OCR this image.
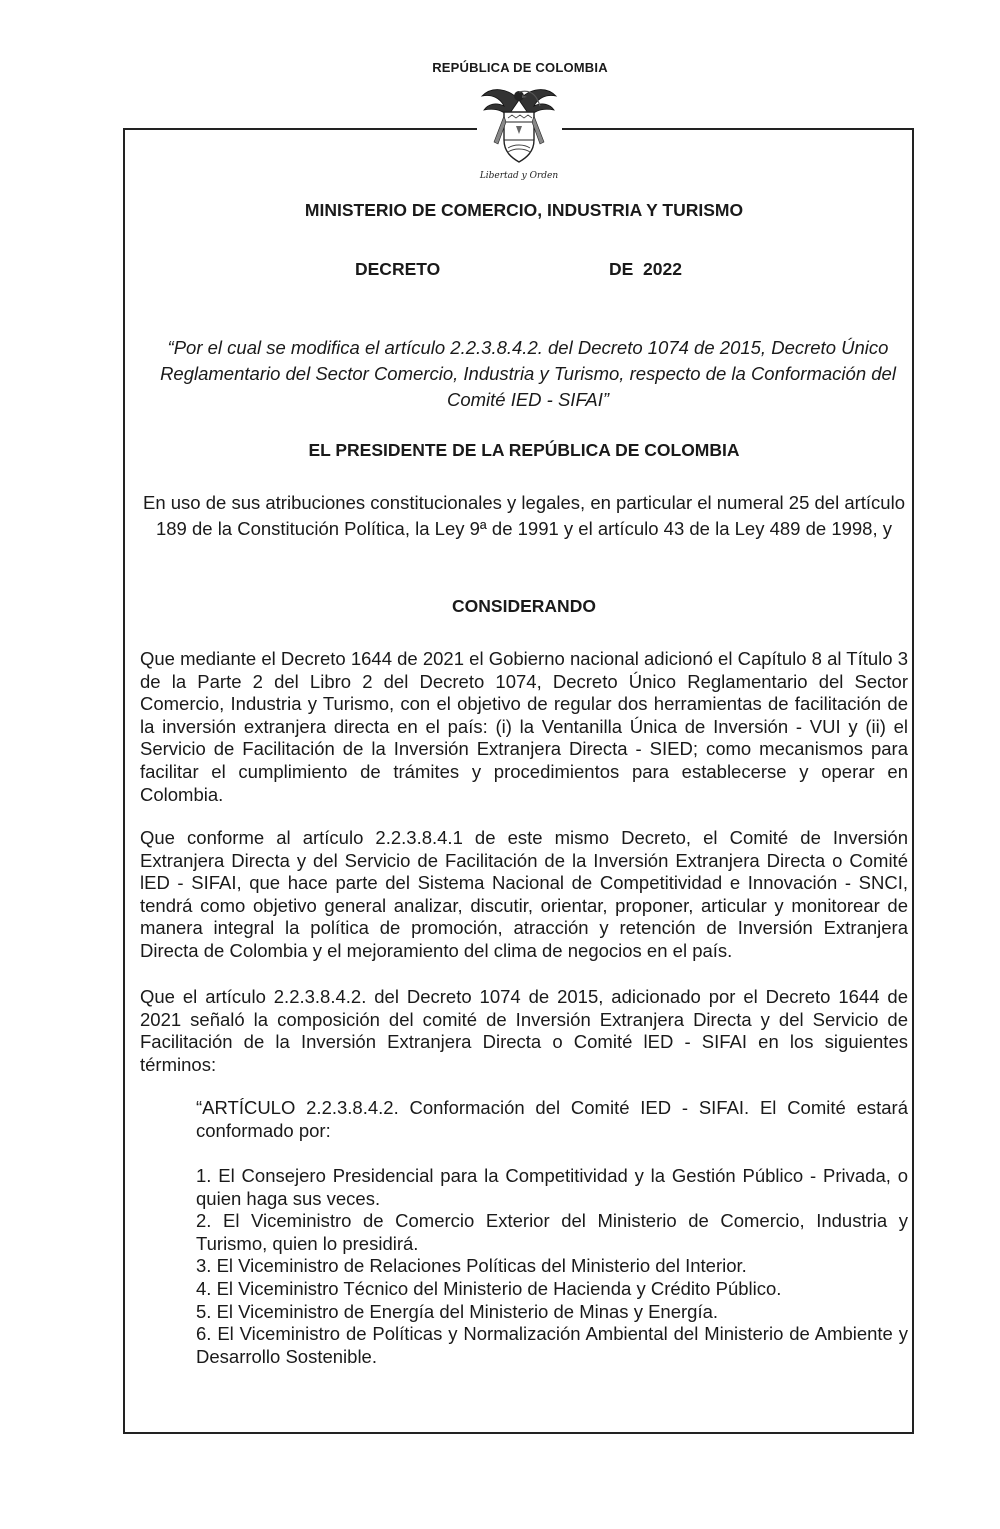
REPÚBLICA DE COLOMBIA
Libertad y Orden
MINISTERIO DE COMERCIO, INDUSTRIA Y TURISMO
DECRETO	DE  2022
“Por el cual se modifica el artículo 2.2.3.8.4.2. del Decreto 1074 de 2015, Decreto Único Reglamentario del Sector Comercio, Industria y Turismo, respecto de la Conformación del Comité IED - SIFAI”
EL PRESIDENTE DE LA REPÚBLICA DE COLOMBIA
En uso de sus atribuciones constitucionales y legales, en particular el numeral 25 del artículo 189 de la Constitución Política, la Ley 9ª de 1991 y el artículo 43 de la Ley 489 de 1998, y
CONSIDERANDO
Que mediante el Decreto 1644 de 2021 el Gobierno nacional adicionó el Capítulo 8 al Título 3 de la Parte 2 del Libro 2 del Decreto 1074, Decreto Único Reglamentario del Sector Comercio, Industria y Turismo, con el objetivo de regular dos herramientas de facilitación de la inversión extranjera directa en el país: (i) la Ventanilla Única de Inversión - VUI y (ii) el Servicio de Facilitación de la Inversión Extranjera Directa - SIED; como mecanismos para facilitar el cumplimiento de trámites y procedimientos para establecerse y operar en Colombia.
Que conforme al artículo 2.2.3.8.4.1 de este mismo Decreto, el Comité de Inversión Extranjera Directa y del Servicio de Facilitación de la Inversión Extranjera Directa o Comité lED - SIFAI, que hace parte del Sistema Nacional de Competitividad e Innovación - SNCI, tendrá como objetivo general analizar, discutir, orientar, proponer, articular y monitorear de manera integral la política de promoción, atracción y retención de Inversión Extranjera Directa de Colombia y el mejoramiento del clima de negocios en el país.
Que el artículo 2.2.3.8.4.2. del Decreto 1074 de 2015, adicionado por el Decreto 1644 de 2021 señaló la composición del comité de Inversión Extranjera Directa y del Servicio de Facilitación de la Inversión Extranjera Directa o Comité lED - SIFAI en los siguientes términos:
“ARTÍCULO 2.2.3.8.4.2. Conformación del Comité IED - SIFAI. El Comité estará conformado por:
1. El Consejero Presidencial para la Competitividad y la Gestión Público - Privada, o quien haga sus veces.
2. El Viceministro de Comercio Exterior del Ministerio de Comercio, Industria y Turismo, quien lo presidirá.
3. El Viceministro de Relaciones Políticas del Ministerio del Interior.
4. El Viceministro Técnico del Ministerio de Hacienda y Crédito Público.
5. El Viceministro de Energía del Ministerio de Minas y Energía.
6. El Viceministro de Políticas y Normalización Ambiental del Ministerio de Ambiente y Desarrollo Sostenible.
